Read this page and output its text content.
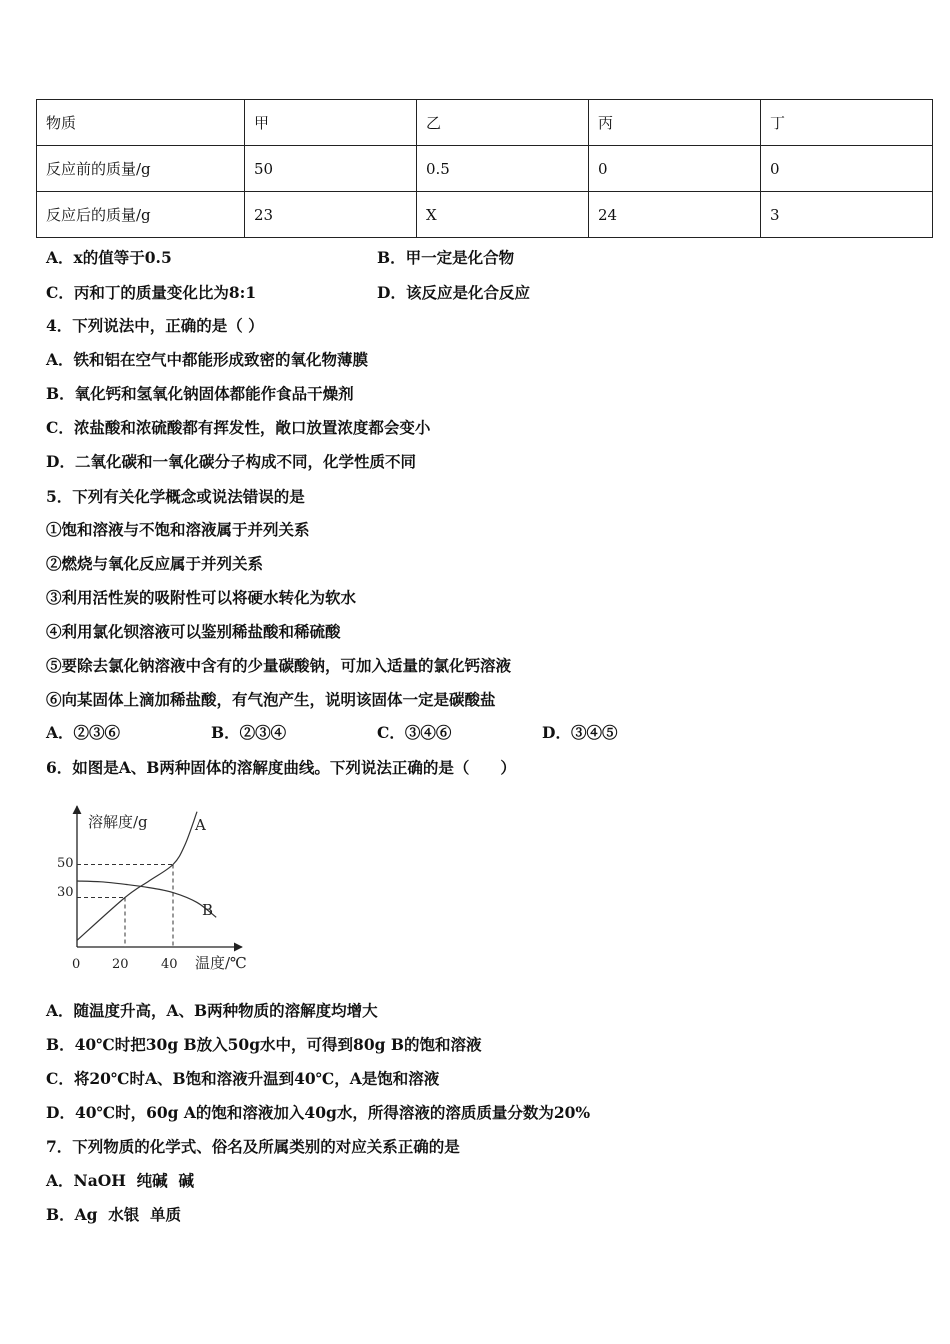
物质	甲	乙	丙	丁
反应前的质量/g	50	0.5	0	0
反应后的质量/g	23	X	24	3
A．x的值等于0.5	B．甲一定是化合物
C．丙和丁的质量变化比为8:1	D．该反应是化合反应
4．下列说法中，正确的是（ ）
A．铁和铝在空气中都能形成致密的氧化物薄膜
B．氧化钙和氢氧化钠固体都能作食品干燥剂
C．浓盐酸和浓硫酸都有挥发性，敞口放置浓度都会变小
D．二氧化碳和一氧化碳分子构成不同，化学性质不同
5．下列有关化学概念或说法错误的是
①饱和溶液与不饱和溶液属于并列关系
②燃烧与氧化反应属于并列关系
③利用活性炭的吸附性可以将硬水转化为软水
④利用氯化钡溶液可以鉴别稀盐酸和稀硫酸
⑤要除去氯化钠溶液中含有的少量碳酸钠，可加入适量的氯化钙溶液
⑥向某固体上滴加稀盐酸，有气泡产生，说明该固体一定是碳酸盐
A．②③⑥	B．②③④	C．③④⑥	D．③④⑤
6．如图是A、B两种固体的溶解度曲线。下列说法正确的是（　　）
溶解度/g
温度/℃
0 20 40
50
30
A
B
A．随温度升高，A、B两种物质的溶解度均增大
B．40℃时把30g B放入50g水中，可得到80g B的饱和溶液
C．将20℃时A、B饱和溶液升温到40℃，A是饱和溶液
D．40℃时，60g A的饱和溶液加入40g水，所得溶液的溶质质量分数为20%
7．下列物质的化学式、俗名及所属类别的对应关系正确的是
A．NaOH  纯碱  碱
B．Ag  水银  单质
